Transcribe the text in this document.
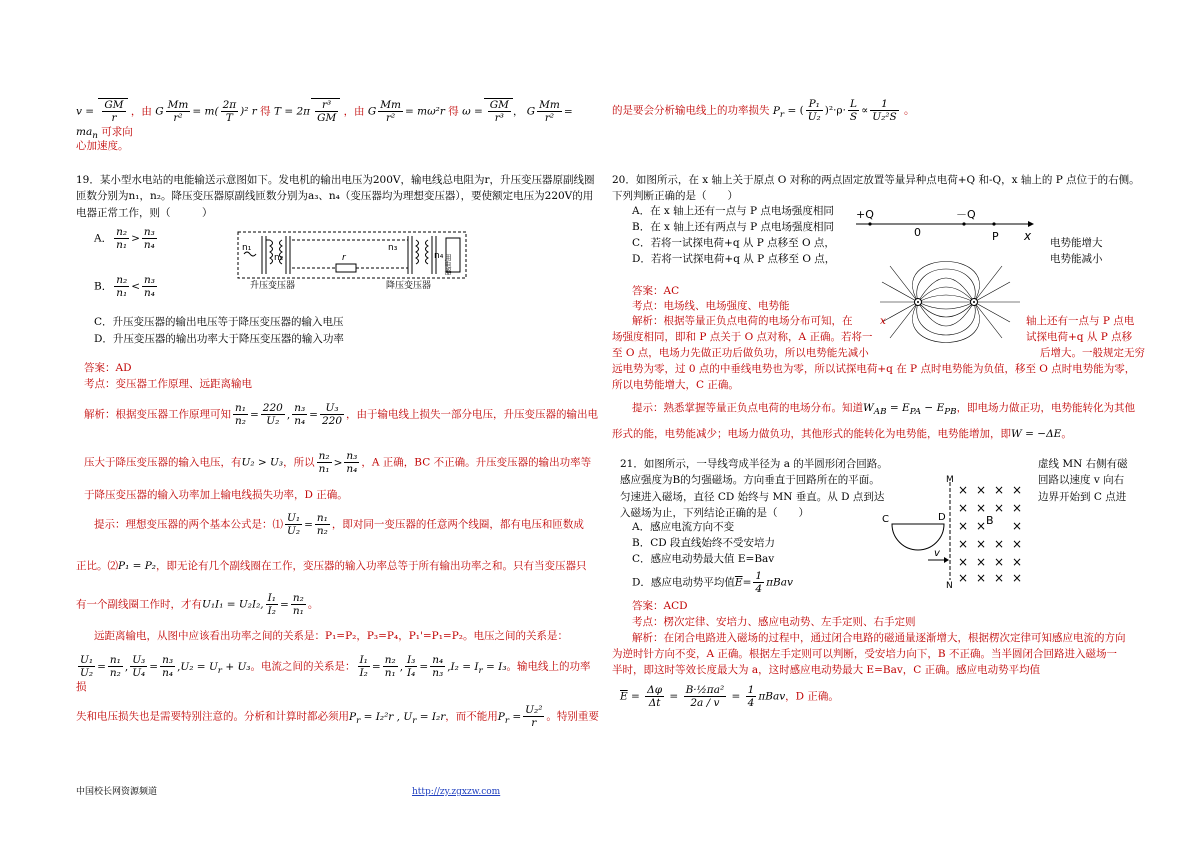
$v = \frac{GM}{r}$ ，由 G $\frac{Mm}{\text{r²}} = m( \frac{2\pi}{T} )^2$ r 得 $T = 2\pi \frac{\text{r³}}{GM}$ ，由 G $\frac{Mm}{\text{r²}} = m\omega^2r$ 得 $\omega = \frac{GM}{\text{r³}}$ ， G $\frac{Mm}{\text{r²}} = ma_n$ 可求向
心加速度。
的是要会分析输电线上的功率损失 $P_r$ = ( $\frac{\text{P₁}}{\text{U₂}} )^2\cdot\rho\cdot \frac{L}{S} \propto \frac{1}{\text{U₂²S}}$ 。
19．某小型水电站的电能输送示意图如下。发电机的输出电压为200V，输电线总电阻为r，升压变压器原副线圈
匝数分别为n₁，n₂。降压变压器原副线匝数分别为a₃、n₄（变压器均为理想变压器），要使额定电压为220V的用
电器正常工作，则（　　　）
A． $\frac{\text{n₂}}{\text{n₁}} > \frac{\text{n₃}}{\text{n₄}}$
B． $\frac{\text{n₂}}{\text{n₁}} < \frac{\text{n₃}}{\text{n₄}}$
C．升压变压器的输出电压等于降压变压器的输入电压
D．升压变压器的输出功率大于降压变压器的输入功率
n₁
n₂	r
n₃
n₄ 用电器
升压变压器	降压变压器
答案：AD
考点：变压器工作原理、远距离输电
解析：根据变压器工作原理可知 $\frac{\text{n₁}}{\text{n₂}} = \frac{220}{\text{U₂}}$ , $\frac{\text{n₃}}{\text{n₄}} = \frac{\text{U₃}}{220}$ ，由于输电线上损失一部分电压，升压变压器的输出电
压大于降压变压器的输入电压，有U₂ > U₃，所以 $\frac{\text{n₂}}{\text{n₁}} > \frac{\text{n₃}}{\text{n₄}}$ ，A 正确，BC 不正确。升压变压器的输出功率等
于降压变压器的输入功率加上输电线损失功率，D 正确。
提示：理想变压器的两个基本公式是：⑴ $\frac{\text{U₁}}{\text{U₂}} = \frac{\text{n₁}}{\text{n₂}}$ ，即对同一变压器的任意两个线圈，都有电压和匝数成
正比。⑵P₁ = P₂，即无论有几个副线圈在工作，变压器的输入功率总等于所有输出功率之和。只有当变压器只
有一个副线圈工作时，才有U₁I₁ = U₂I₂, $\frac{\text{I₁}}{\text{I₂}} = \frac{\text{n₂}}{\text{n₁}}$ 。
远距离输电，从图中应该看出功率之间的关系是：P₁=P₂，P₃=P₄，P₁'=P₁=P₂。电压之间的关系是：
$\frac{\text{U₁}}{\text{U₂}} = \frac{\text{n₁}}{\text{n₂}}$ , $\frac{\text{U₃}}{\text{U₄}} = \frac{\text{n₃}}{\text{n₄}} ,U_2 = U_r + U_3$。电流之间的关系是： $\frac{\text{I₁}}{\text{I₂}} = \frac{\text{n₂}}{\text{n₁}}$ , $\frac{\text{I₃}}{\text{I₄}} = \frac{\text{n₄}}{\text{n₃}} ,I_2 = I_r = I_3$。输电线上的功率损
失和电压损失也是需要特别注意的。分析和计算时都必须用$P_r = I_2^2r$ , $U_r = I_2r$，而不能用$P_r = \frac{\text{U₂²}}{r}$ 。特别重要
20．如图所示，在 x 轴上关于原点 O 对称的两点固定放置等量异种点电荷+Q 和-Q，x 轴上的 P 点位于的右侧。
下列判断正确的是（　　）
A．在 x 轴上还有一点与 P 点电场强度相同
B．在 x 轴上还有两点与 P 点电场强度相同
C．若将一试探电荷+q 从 P 点移至 O 点，
D．若将一试探电荷+q 从 P 点移至 O 点，
电势能增大
电势能减小
+Q
0
－Q
P x
答案：AC
考点：电场线、电场强度、电势能
解析：根据等量正负点电荷的电场分布可知，在	x	轴上还有一点与 P 点电
场强度相同，即和 P 点关于 O 点对称，A 正确。若将一	试探电荷+q 从 P 点移
至 O 点，电场力先做正功后做负功，所以电势能先减小	后增大。一般规定无穷
远电势为零，过 0 点的中垂线电势也为零，所以试探电荷+q 在 P 点时电势能为负值，移至 O 点时电势能为零，
所以电势能增大，C 正确。
提示：熟悉掌握等量正负点电荷的电场分布。知道$W_{AB} = E_{PA} - E_{PB}$，即电场力做正功，电势能转化为其他
形式的能，电势能减少；电场力做负功，其他形式的能转化为电势能，电势能增加，即W = −ΔE。
21．如图所示，一导线弯成半径为 a 的半圆形闭合回路。
感应强度为B的匀强磁场。方向垂直于回路所在的平面。
匀速进入磁场，直径 CD 始终与 MN 垂直。从 D 点到达
入磁场为止，下列结论正确的是（　　）
虚线 MN 右侧有磁
回路以速度 v 向右
边界开始到 C 点进
A．感应电流方向不变
B．CD 段直线始终不受安培力
C．感应电动势最大值 E=Bav
D．感应电动势平均值$\overline{E}= \frac{1}{4}$ πBav
M
N
C	D
v
B
× × × ×
× × × ×
× × ×
× × × ×
× × × ×
× × × ×
答案：ACD
考点：楞次定律、安培力、感应电动势、左手定则、右手定则
解析：在闭合电路进入磁场的过程中，通过闭合电路的磁通量逐渐增大，根据楞次定律可知感应电流的方向
为逆时针方向不变，A 正确。根据左手定则可以判断，受安培力向下，B 不正确。当半圆闭合回路进入磁场一
半时，即这时等效长度最大为 a，这时感应电动势最大 E=Bav，C 正确。感应电动势平均值
$\overline{E} = \frac{\Delta\varphi}{\Delta t} = \frac{\text{B·½πa²}}{2a / v} = \frac{1}{4}$ πBav，D 正确。
中国校长网资源频道	http://zy.zgxzw.com
